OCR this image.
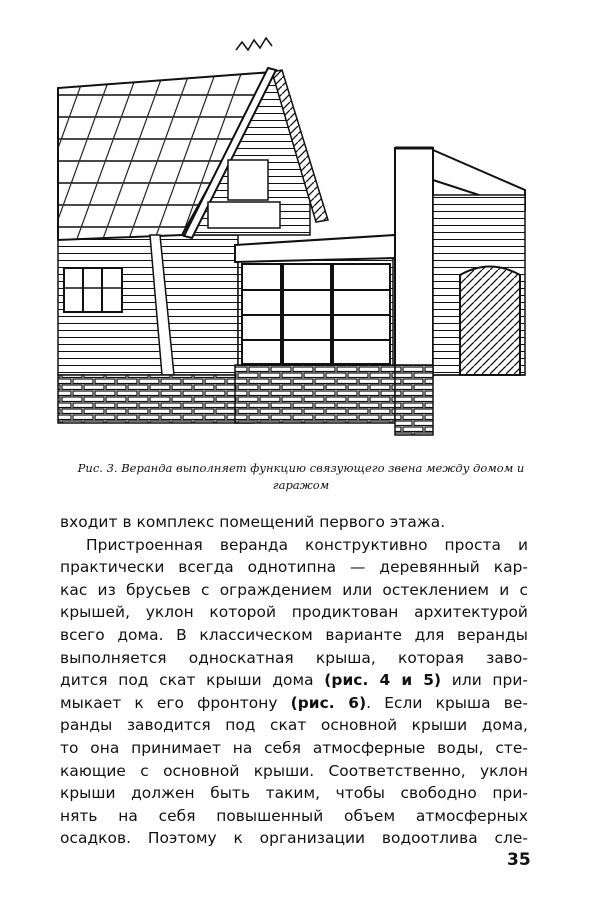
Рис. 3. Веранда выполняет функцию связующего звена между домом и гаражом
входит в комплекс помещений первого этажа.
Пристроенная веранда конструктивно проста и
практически всегда однотипна — деревянный кар-
кас из брусьев с ограждением или остеклением и с
крышей, уклон которой продиктован архитектурой
всего дома. В классическом варианте для веранды
выполняется односкатная крыша, которая заво-
дится под скат крыши дома (рис. 4 и 5) или при-
мыкает к его фронтону (рис. 6). Если крыша ве-
ранды заводится под скат основной крыши дома,
то она принимает на себя атмосферные воды, сте-
кающие с основной крыши. Соответственно, уклон
крыши должен быть таким, чтобы свободно при-
нять на себя повышенный объем атмосферных
осадков. Поэтому к организации водоотлива сле-
35
